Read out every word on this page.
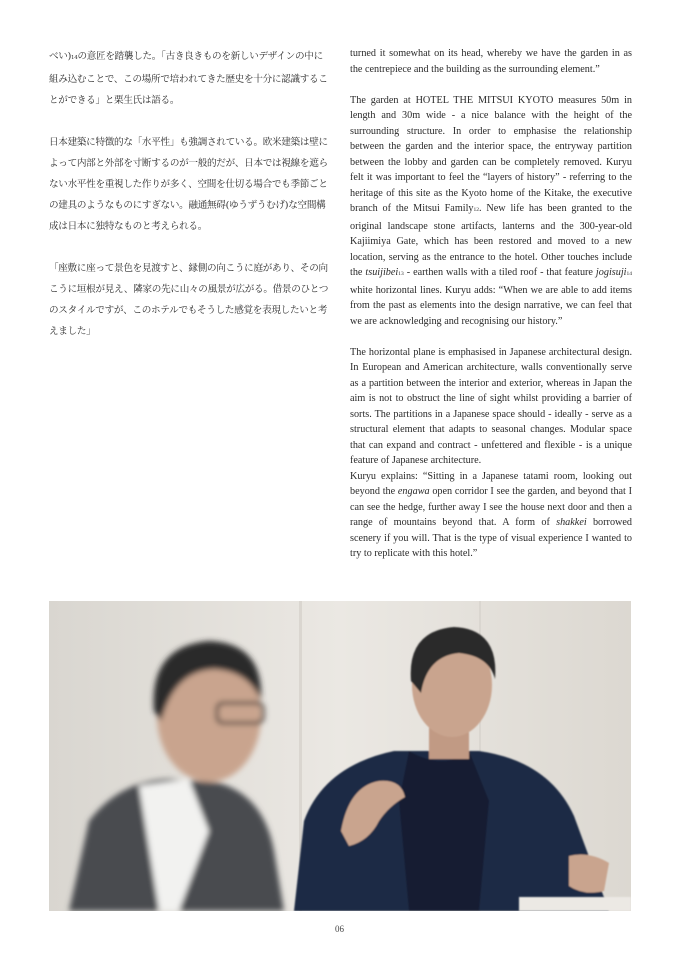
べい)$^{14}$の意匠を踏襲した。「古き良きものを新しいデザインの中に組み込むことで、この場所で培われてきた歴史を十分に認識することができる」と栗生氏は語る。

日本建築に特徴的な「水平性」も強調されている。欧米建築は壁によって内部と外部を寸断するのが一般的だが、日本では視線を遮らない水平性を重視した作りが多く、空間を仕切る場合でも季節ごとの建具のようなものにすぎない。融通無碍(ゆうずうむげ)な空間構成は日本に独特なものと考えられる。

「座敷に座って景色を見渡すと、縁側の向こうに庭があり、その向こうに垣根が見え、隣家の先に山々の風景が広がる。借景のひとつのスタイルですが、このホテルでもそうした感覚を表現したいと考えました」

turned it somewhat on its head, whereby we have the garden in as the centrepiece and the building as the surrounding element.”

The garden at HOTEL THE MITSUI KYOTO measures 50m in length and 30m wide - a nice balance with the height of the surrounding structure. In order to emphasise the relationship between the garden and the interior space, the entryway partition between the lobby and garden can be completely removed. Kuryu felt it was important to feel the “layers of history” - referring to the heritage of this site as the Kyoto home of the Kitake, the executive branch of the Mitsui Family$^{12}$. New life has been granted to the original landscape stone artifacts, lanterns and the 300-year-old Kajiimiya Gate, which has been restored and moved to a new location, serving as the entrance to the hotel. Other touches include the tsuijibei$^{13}$ - earthen walls with a tiled roof - that feature jogisuji$^{14}$ white horizontal lines. Kuryu adds: “When we are able to add items from the past as elements into the design narrative, we can feel that we are acknowledging and recognising our history.”

The horizontal plane is emphasised in Japanese architectural design. In European and American architecture, walls conventionally serve as a partition between the interior and exterior, whereas in Japan the aim is not to obstruct the line of sight whilst providing a barrier of sorts. The partitions in a Japanese space should - ideally - serve as a structural element that adapts to seasonal changes. Modular space that can expand and contract - unfettered and flexible - is a unique feature of Japanese architecture.

Kuryu explains: “Sitting in a Japanese tatami room, looking out beyond the engawa open corridor I see the garden, and beyond that I can see the hedge, further away I see the house next door and then a range of mountains beyond that. A form of shakkei borrowed scenery if you will. That is the type of visual experience I wanted to try to replicate with this hotel.”

06
